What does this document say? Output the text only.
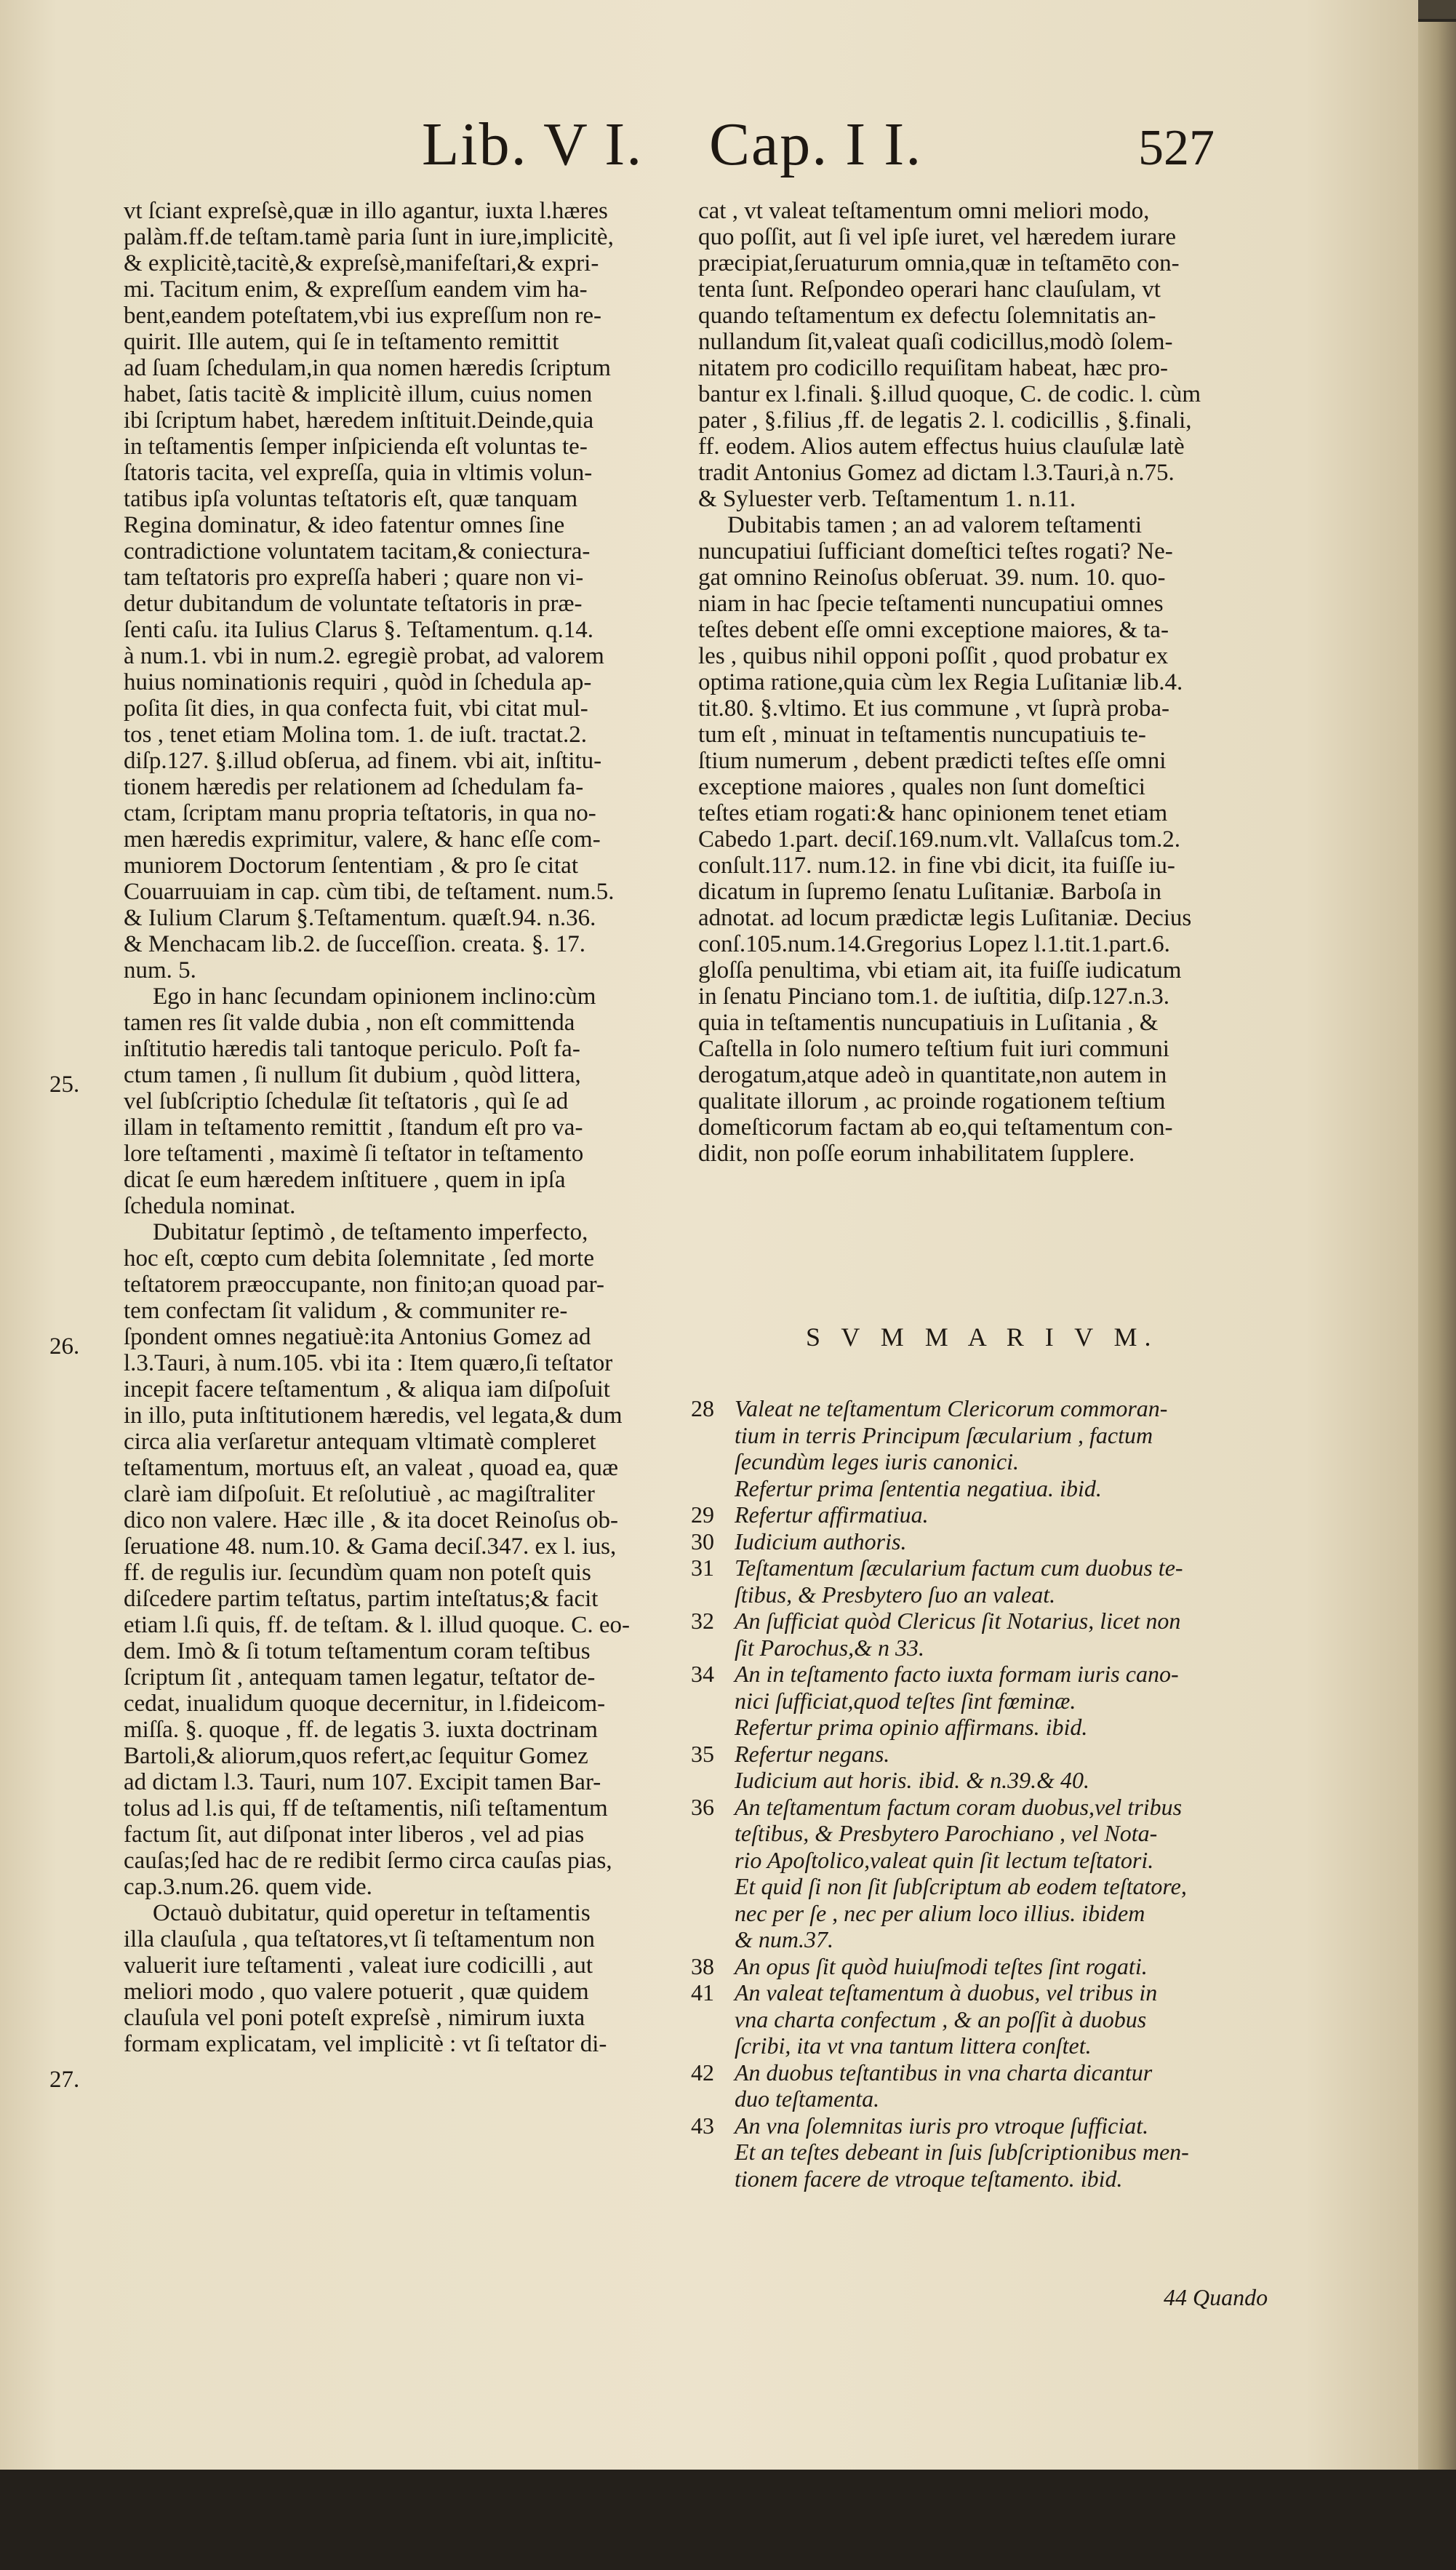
Lib. V I. Cap. I I.	527
vt ſciant expreſsè,quæ in illo agantur, iuxta l.hæres
palàm.ff.de teſtam.tamè paria ſunt in iure,implicitè,
& explicitè,tacitè,& expreſsè,manifeſtari,& expri-
mi. Tacitum enim, & expreſſum eandem vim ha-
bent,eandem poteſtatem,vbi ius expreſſum non re-
quirit. Ille autem, qui ſe in teſtamento remittit
ad ſuam ſchedulam,in qua nomen hæredis ſcriptum
habet, ſatis tacitè & implicitè illum, cuius nomen
ibi ſcriptum habet, hæredem inſtituit.Deinde,quia
in teſtamentis ſemper inſpicienda eſt voluntas te-
ſtatoris tacita, vel expreſſa, quia in vltimis volun-
tatibus ipſa voluntas teſtatoris eſt, quæ tanquam
Regina dominatur, & ideo fatentur omnes ſine
contradictione voluntatem tacitam,& coniectura-
tam teſtatoris pro expreſſa haberi ; quare non vi-
detur dubitandum de voluntate teſtatoris in præ-
ſenti caſu. ita Iulius Clarus §. Teſtamentum. q.14.
à num.1. vbi in num.2. egregiè probat, ad valorem
huius nominationis requiri , quòd in ſchedula ap-
poſita ſit dies, in qua confecta fuit, vbi citat mul-
tos , tenet etiam Molina tom. 1. de iuſt. tractat.2.
diſp.127. §.illud obſerua, ad finem. vbi ait, inſtitu-
tionem hæredis per relationem ad ſchedulam fa-
ctam, ſcriptam manu propria teſtatoris, in qua no-
men hæredis exprimitur, valere, & hanc eſſe com-
muniorem Doctorum ſententiam , & pro ſe citat
Couarruuiam in cap. cùm tibi, de teſtament. num.5.
& Iulium Clarum §.Teſtamentum. quæſt.94. n.36.
& Menchacam lib.2. de ſucceſſion. creata. §. 17.
num. 5.
Ego in hanc ſecundam opinionem inclino:cùm
tamen res ſit valde dubia , non eſt committenda
inſtitutio hæredis tali tantoque periculo. Poſt fa-
ctum tamen , ſi nullum ſit dubium , quòd littera,
vel ſubſcriptio ſchedulæ ſit teſtatoris , quì ſe ad
illam in teſtamento remittit , ſtandum eſt pro va-
lore teſtamenti , maximè ſi teſtator in teſtamento
dicat ſe eum hæredem inſtituere , quem in ipſa
ſchedula nominat.
Dubitatur ſeptimò , de teſtamento imperfecto,
hoc eſt, cœpto cum debita ſolemnitate , ſed morte
teſtatorem præoccupante, non finito;an quoad par-
tem confectam ſit validum , & communiter re-
ſpondent omnes negatiuè:ita Antonius Gomez ad
l.3.Tauri, à num.105. vbi ita : Item quæro,ſi teſtator
incepit facere teſtamentum , & aliqua iam diſpoſuit
in illo, puta inſtitutionem hæredis, vel legata,& dum
circa alia verſaretur antequam vltimatè compleret
teſtamentum, mortuus eſt, an valeat , quoad ea, quæ
clarè iam diſpoſuit. Et reſolutiuè , ac magiſtraliter
dico non valere. Hæc ille , & ita docet Reinoſus ob-
ſeruatione 48. num.10. & Gama deciſ.347. ex l. ius,
ff. de regulis iur. ſecundùm quam non poteſt quis
diſcedere partim teſtatus, partim inteſtatus;& facit
etiam l.ſi quis, ff. de teſtam. & l. illud quoque. C. eo-
dem. Imò & ſi totum teſtamentum coram teſtibus
ſcriptum ſit , antequam tamen legatur, teſtator de-
cedat, inualidum quoque decernitur, in l.fideicom-
miſſa. §. quoque , ff. de legatis 3. iuxta doctrinam
Bartoli,& aliorum,quos refert,ac ſequitur Gomez
ad dictam l.3. Tauri, num 107. Excipit tamen Bar-
tolus ad l.is qui, ff de teſtamentis, niſi teſtamentum
factum ſit, aut diſponat inter liberos , vel ad pias
cauſas;ſed hac de re redibit ſermo circa cauſas pias,
cap.3.num.26. quem vide.
Octauò dubitatur, quid operetur in teſtamentis
illa clauſula , qua teſtatores,vt ſi teſtamentum non
valuerit iure teſtamenti , valeat iure codicilli , aut
meliori modo , quo valere potuerit , quæ quidem
clauſula vel poni poteſt expreſsè , nimirum iuxta
formam explicatam, vel implicitè : vt ſi teſtator di-
25.
26.
27.
cat , vt valeat teſtamentum omni meliori modo,
quo poſſit, aut ſi vel ipſe iuret, vel hæredem iurare
præcipiat,ſeruaturum omnia,quæ in teſtamēto con-
tenta ſunt. Reſpondeo operari hanc clauſulam, vt
quando teſtamentum ex defectu ſolemnitatis an-
nullandum ſit,valeat quaſi codicillus,modò ſolem-
nitatem pro codicillo requiſitam habeat, hæc pro-
bantur ex l.finali. §.illud quoque, C. de codic. l. cùm
pater , §.filius ,ff. de legatis 2. l. codicillis , §.finali,
ff. eodem. Alios autem effectus huius clauſulæ latè
tradit Antonius Gomez ad dictam l.3.Tauri,à n.75.
& Syluester verb. Teſtamentum 1. n.11.
Dubitabis tamen ; an ad valorem teſtamenti
nuncupatiui ſufficiant domeſtici teſtes rogati? Ne-
gat omnino Reinoſus obſeruat. 39. num. 10. quo-
niam in hac ſpecie teſtamenti nuncupatiui omnes
teſtes debent eſſe omni exceptione maiores, & ta-
les , quibus nihil opponi poſſit , quod probatur ex
optima ratione,quia cùm lex Regia Luſitaniæ lib.4.
tit.80. §.vltimo. Et ius commune , vt ſuprà proba-
tum eſt , minuat in teſtamentis nuncupatiuis te-
ſtium numerum , debent prædicti teſtes eſſe omni
exceptione maiores , quales non ſunt domeſtici
teſtes etiam rogati:& hanc opinionem tenet etiam
Cabedo 1.part. deciſ.169.num.vlt. Vallaſcus tom.2.
conſult.117. num.12. in fine vbi dicit, ita fuiſſe iu-
dicatum in ſupremo ſenatu Luſitaniæ. Barboſa in
adnotat. ad locum prædictæ legis Luſitaniæ. Decius
conſ.105.num.14.Gregorius Lopez l.1.tit.1.part.6.
gloſſa penultima, vbi etiam ait, ita fuiſſe iudicatum
in ſenatu Pinciano tom.1. de iuſtitia, diſp.127.n.3.
quia in teſtamentis nuncupatiuis in Luſitania , &
Caſtella in ſolo numero teſtium fuit iuri communi
derogatum,atque adeò in quantitate,non autem in
qualitate illorum , ac proinde rogationem teſtium
domeſticorum factam ab eo,qui teſtamentum con-
didit, non poſſe eorum inhabilitatem ſupplere.
S V M M A R I V M.
28 Valeat ne teſtamentum Clericorum commoran-
tium in terris Principum ſæcularium , factum
ſecundùm leges iuris canonici.
Refertur prima ſententia negatiua. ibid.
29 Refertur affirmatiua.
30 Iudicium authoris.
31 Teſtamentum ſæcularium factum cum duobus te-
ſtibus, & Presbytero ſuo an valeat.
32 An ſufficiat quòd Clericus ſit Notarius, licet non
ſit Parochus,& n 33.
34 An in teſtamento facto iuxta formam iuris cano-
nici ſufficiat,quod teſtes ſint fœminæ.
Refertur prima opinio affirmans. ibid.
35 Refertur negans.
Iudicium aut horis. ibid. & n.39.& 40.
36 An teſtamentum factum coram duobus,vel tribus
teſtibus, & Presbytero Parochiano , vel Nota-
rio Apoſtolico,valeat quin ſit lectum teſtatori.
Et quid ſi non ſit ſubſcriptum ab eodem teſtatore,
nec per ſe , nec per alium loco illius. ibidem
& num.37.
38 An opus ſit quòd huiuſmodi teſtes ſint rogati.
41 An valeat teſtamentum à duobus, vel tribus in
vna charta confectum , & an poſſit à duobus
ſcribi, ita vt vna tantum littera conſtet.
42 An duobus teſtantibus in vna charta dicantur
duo teſtamenta.
43 An vna ſolemnitas iuris pro vtroque ſufficiat.
Et an teſtes debeant in ſuis ſubſcriptionibus men-
tionem facere de vtroque teſtamento. ibid.
44 Quando
